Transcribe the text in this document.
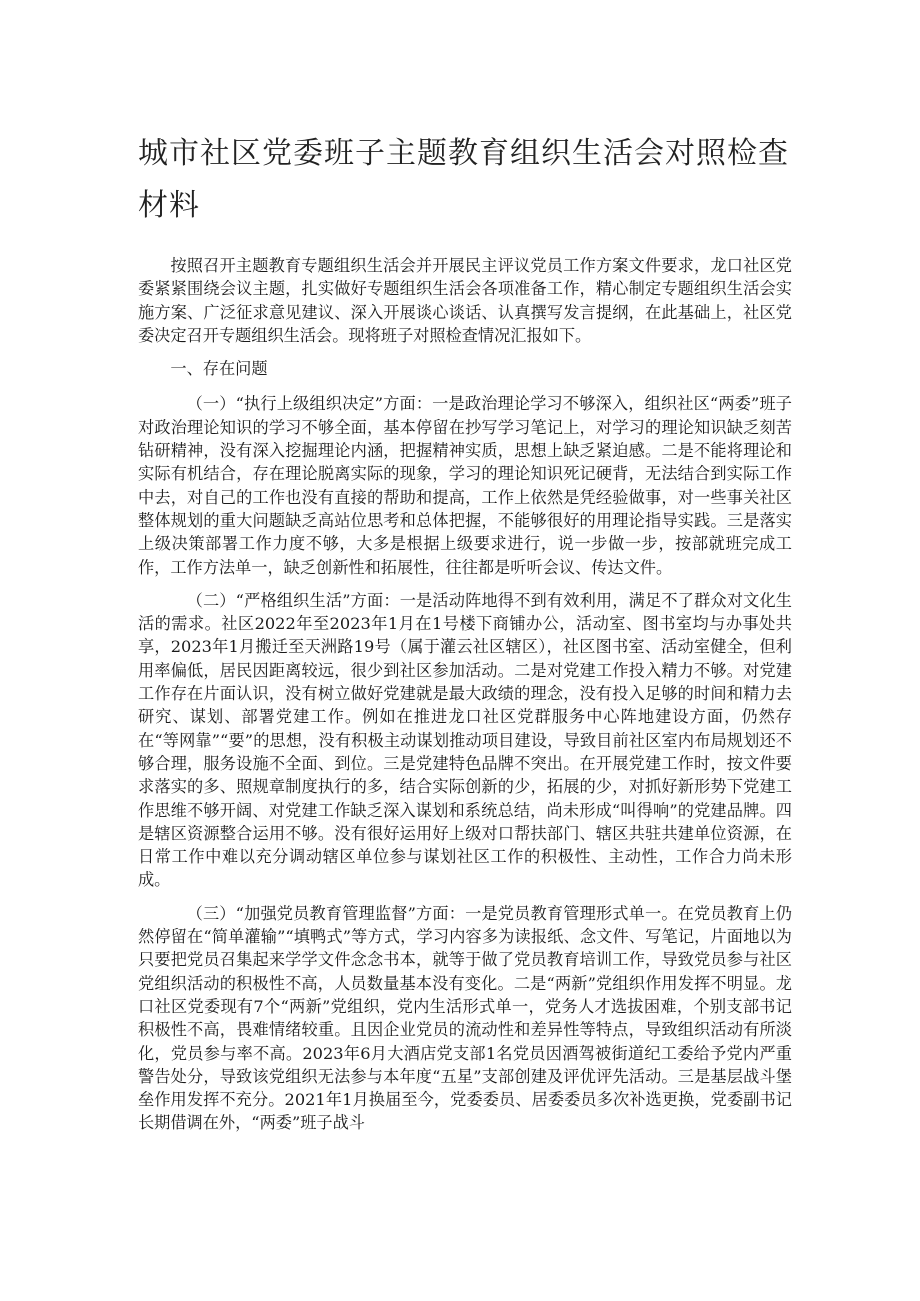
城市社区党委班子主题教育组织生活会对照检查材料

按照召开主题教育专题组织生活会并开展民主评议党员工作方案文件要求，龙口社区党委紧紧围绕会议主题，扎实做好专题组织生活会各项准备工作，精心制定专题组织生活会实施方案、广泛征求意见建议、深入开展谈心谈话、认真撰写发言提纲，在此基础上，社区党委决定召开专题组织生活会。现将班子对照检查情况汇报如下。

一、存在问题

（一）“执行上级组织决定”方面：一是政治理论学习不够深入，组织社区“两委”班子对政治理论知识的学习不够全面，基本停留在抄写学习笔记上，对学习的理论知识缺乏刻苦钻研精神，没有深入挖掘理论内涵，把握精神实质，思想上缺乏紧迫感。二是不能将理论和实际有机结合，存在理论脱离实际的现象，学习的理论知识死记硬背，无法结合到实际工作中去，对自己的工作也没有直接的帮助和提高，工作上依然是凭经验做事，对一些事关社区整体规划的重大问题缺乏高站位思考和总体把握，不能够很好的用理论指导实践。三是落实上级决策部署工作力度不够，大多是根据上级要求进行，说一步做一步，按部就班完成工作，工作方法单一，缺乏创新性和拓展性，往往都是听听会议、传达文件。

（二）“严格组织生活”方面：一是活动阵地得不到有效利用，满足不了群众对文化生活的需求。社区2022年至2023年1月在1号楼下商铺办公，活动室、图书室均与办事处共享，2023年1月搬迁至天洲路19号（属于灌云社区辖区），社区图书室、活动室健全，但利用率偏低，居民因距离较远，很少到社区参加活动。二是对党建工作投入精力不够。对党建工作存在片面认识，没有树立做好党建就是最大政绩的理念，没有投入足够的时间和精力去研究、谋划、部署党建工作。例如在推进龙口社区党群服务中心阵地建设方面，仍然存在“等网靠”“要”的思想，没有积极主动谋划推动项目建设，导致目前社区室内布局规划还不够合理，服务设施不全面、到位。三是党建特色品牌不突出。在开展党建工作时，按文件要求落实的多、照规章制度执行的多，结合实际创新的少，拓展的少，对抓好新形势下党建工作思维不够开阔、对党建工作缺乏深入谋划和系统总结，尚未形成“叫得响”的党建品牌。四是辖区资源整合运用不够。没有很好运用好上级对口帮扶部门、辖区共驻共建单位资源，在日常工作中难以充分调动辖区单位参与谋划社区工作的积极性、主动性，工作合力尚未形成。

（三）“加强党员教育管理监督”方面：一是党员教育管理形式单一。在党员教育上仍然停留在“简单灌输”“填鸭式”等方式，学习内容多为读报纸、念文件、写笔记，片面地以为只要把党员召集起来学学文件念念书本，就等于做了党员教育培训工作，导致党员参与社区党组织活动的积极性不高，人员数量基本没有变化。二是“两新”党组织作用发挥不明显。龙口社区党委现有7个“两新”党组织，党内生活形式单一，党务人才选拔困难，个别支部书记积极性不高，畏难情绪较重。且因企业党员的流动性和差异性等特点，导致组织活动有所淡化，党员参与率不高。2023年6月大酒店党支部1名党员因酒驾被街道纪工委给予党内严重警告处分，导致该党组织无法参与本年度“五星”支部创建及评优评先活动。三是基层战斗堡垒作用发挥不充分。2021年1月换届至今，党委委员、居委委员多次补选更换，党委副书记长期借调在外，“两委”班子战斗
